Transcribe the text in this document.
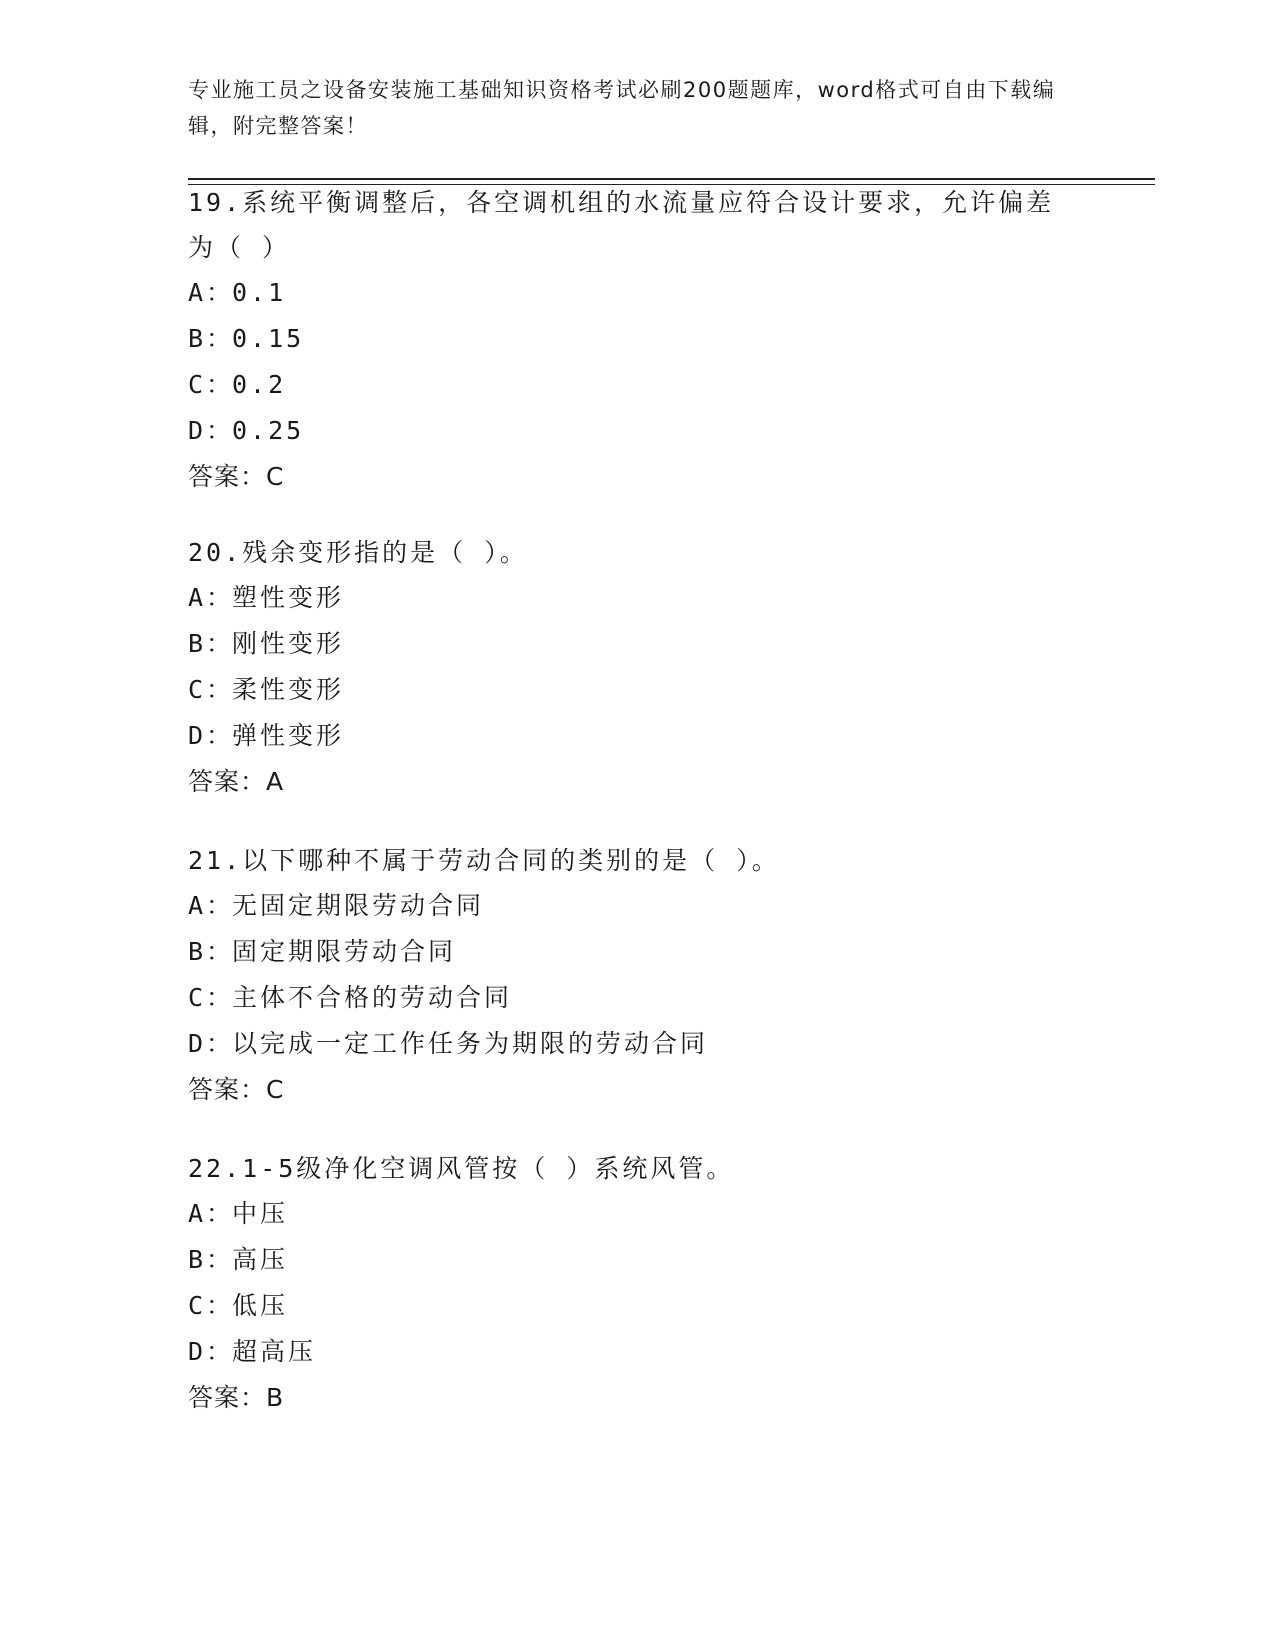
专业施工员之设备安装施工基础知识资格考试必刷200题题库，word格式可自由下载编辑，附完整答案！
19.系统平衡调整后，各空调机组的水流量应符合设计要求，允许偏差为（ ）
A：0.1
B：0.15
C：0.2
D：0.25
答案：C
20.残余变形指的是（ ）。
A：塑性变形
B：刚性变形
C：柔性变形
D：弹性变形
答案：A
21.以下哪种不属于劳动合同的类别的是（ ）。
A：无固定期限劳动合同
B：固定期限劳动合同
C：主体不合格的劳动合同
D：以完成一定工作任务为期限的劳动合同
答案：C
22.1-5级净化空调风管按（ ）系统风管。
A：中压
B：高压
C：低压
D：超高压
答案：B
